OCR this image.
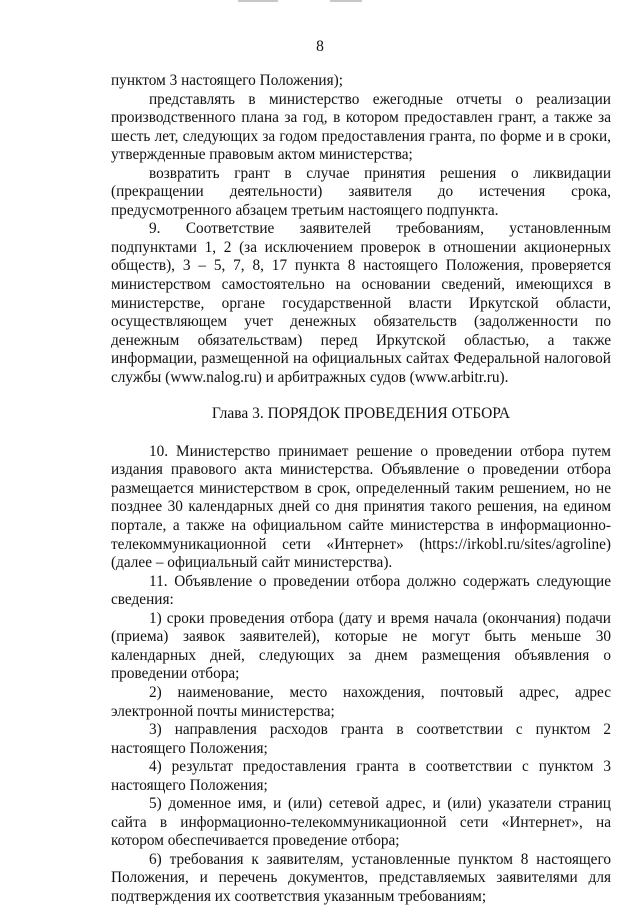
8

пунктом 3 настоящего Положения);

представлять в министерство ежегодные отчеты о реализации производственного плана за год, в котором предоставлен грант, а также за шесть лет, следующих за годом предоставления гранта, по форме и в сроки, утвержденные правовым актом министерства;

возвратить грант в случае принятия решения о ликвидации (прекращении деятельности) заявителя до истечения срока, предусмотренного абзацем третьим настоящего подпункта.

9. Соответствие заявителей требованиям, установленным подпунктами 1, 2 (за исключением проверок в отношении акционерных обществ), 3 – 5, 7, 8, 17 пункта 8 настоящего Положения, проверяется министерством самостоятельно на основании сведений, имеющихся в министерстве, органе государственной власти Иркутской области, осуществляющем учет денежных обязательств (задолженности по денежным обязательствам) перед Иркутской областью, а также информации, размещенной на официальных сайтах Федеральной налоговой службы (www.nalog.ru) и арбитражных судов (www.arbitr.ru).

Глава 3. ПОРЯДОК ПРОВЕДЕНИЯ ОТБОРА

10. Министерство принимает решение о проведении отбора путем издания правового акта министерства. Объявление о проведении отбора размещается министерством в срок, определенный таким решением, но не позднее 30 календарных дней со дня принятия такого решения, на едином портале, а также на официальном сайте министерства в информационно-телекоммуникационной сети «Интернет» (https://irkobl.ru/sites/agroline) (далее – официальный сайт министерства).

11. Объявление о проведении отбора должно содержать следующие сведения:

1) сроки проведения отбора (дату и время начала (окончания) подачи (приема) заявок заявителей), которые не могут быть меньше 30 календарных дней, следующих за днем размещения объявления о проведении отбора;

2) наименование, место нахождения, почтовый адрес, адрес электронной почты министерства;

3) направления расходов гранта в соответствии с пунктом 2 настоящего Положения;

4) результат предоставления гранта в соответствии с пунктом 3 настоящего Положения;

5) доменное имя, и (или) сетевой адрес, и (или) указатели страниц сайта в информационно-телекоммуникационной сети «Интернет», на котором обеспечивается проведение отбора;

6) требования к заявителям, установленные пунктом 8 настоящего Положения, и перечень документов, представляемых заявителями для подтверждения их соответствия указанным требованиям;
